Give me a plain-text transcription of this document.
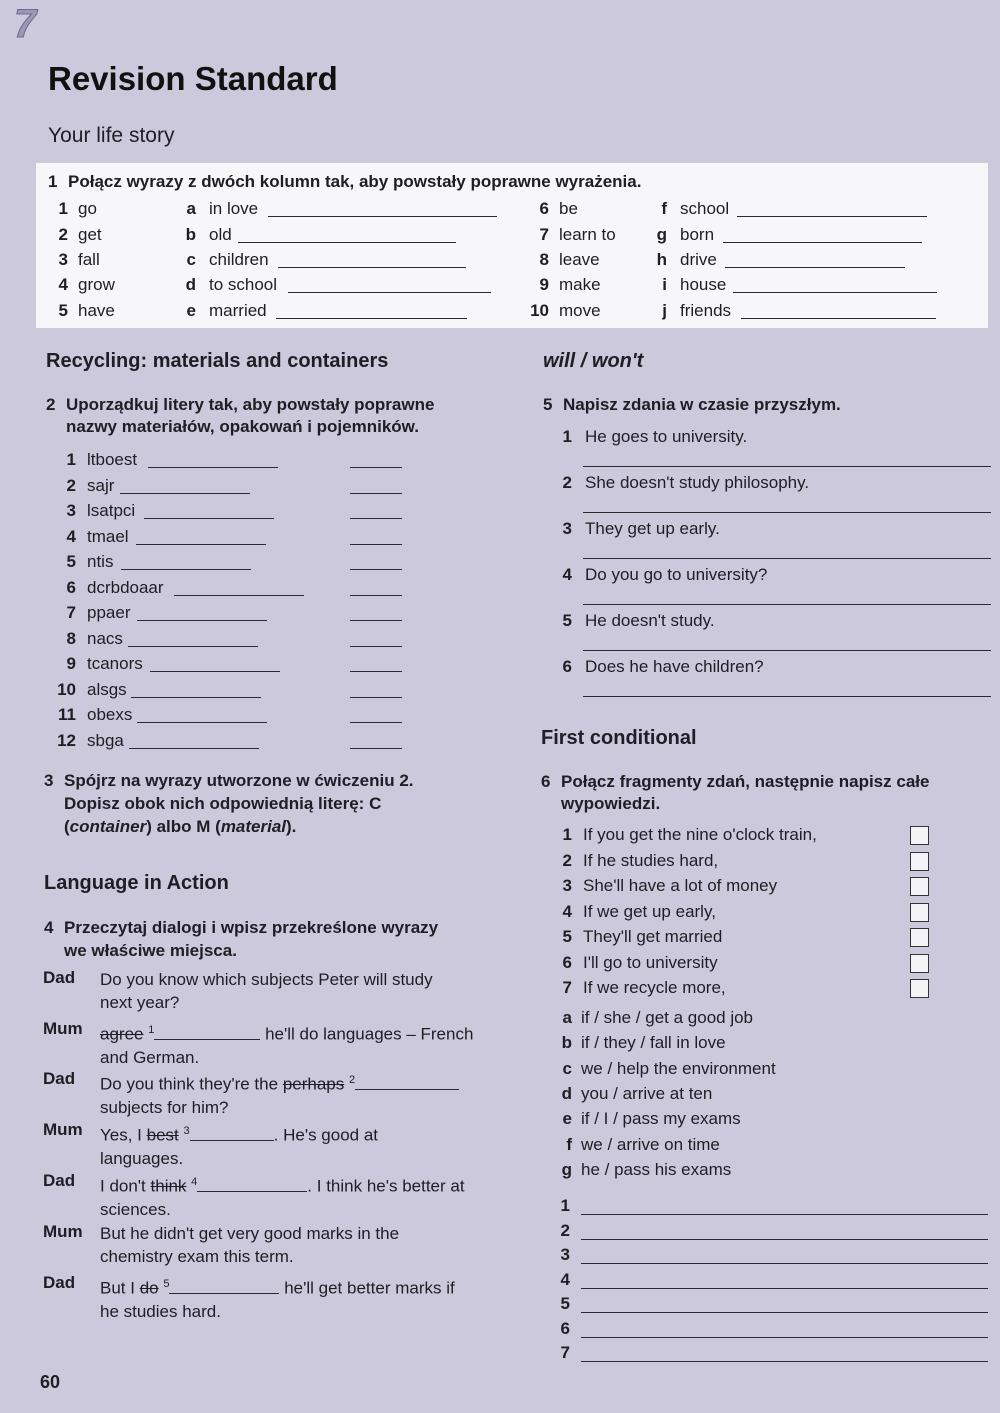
7
Revision Standard
Your life story
1 Połącz wyrazy z dwóch kolumn tak, aby powstały poprawne wyrażenia.
1 go	a in love	6 be	f school
2 get	b old	7 learn to	g born
3 fall	c children	8 leave	h drive
4 grow	d to school	9 make	i house
5 have	e married	10 move	j friends
Recycling: materials and containers
2 Uporządkuj litery tak, aby powstały poprawne
nazwy materiałów, opakowań i pojemników.
1 ltboest
2 sajr
3 lsatpci
4 tmael
5 ntis
6 dcrbdoaar
7 ppaer
8 nacs
9 tcanors
10 alsgs
11 obexs
12 sbga
3 Spójrz na wyrazy utworzone w ćwiczeniu 2.
Dopisz obok nich odpowiednią literę: C
(container) albo M (material).
Language in Action
4 Przeczytaj dialogi i wpisz przekreślone wyrazy
we właściwe miejsca.
Dad Do you know which subjects Peter will study
next year?
Mum agree $^1$	he'll do languages – French
and German.
Dad Do you think they're the perhaps $^2$
subjects for him?
Mum Yes, I best $^3$	. He's good at
languages.
Dad I don't think $^4$	. I think he's better at
sciences.
Mum But he didn't get very good marks in the
chemistry exam this term.
Dad But I do $^5$	he'll get better marks if
he studies hard.
will / won't
5 Napisz zdania w czasie przyszłym.
1 He goes to university.
2 She doesn't study philosophy.
3 They get up early.
4 Do you go to university?
5 He doesn't study.
6 Does he have children?
First conditional
6 Połącz fragmenty zdań, następnie napisz całe
wypowiedzi.
1 If you get the nine o'clock train,
2 If he studies hard,
3 She'll have a lot of money
4 If we get up early,
5 They'll get married
6 I'll go to university
7 If we recycle more,
a if / she / get a good job
b if / they / fall in love
c we / help the environment
d you / arrive at ten
e if / I / pass my exams
f we / arrive on time
g he / pass his exams
1
2
3
4
5
6
7
60
